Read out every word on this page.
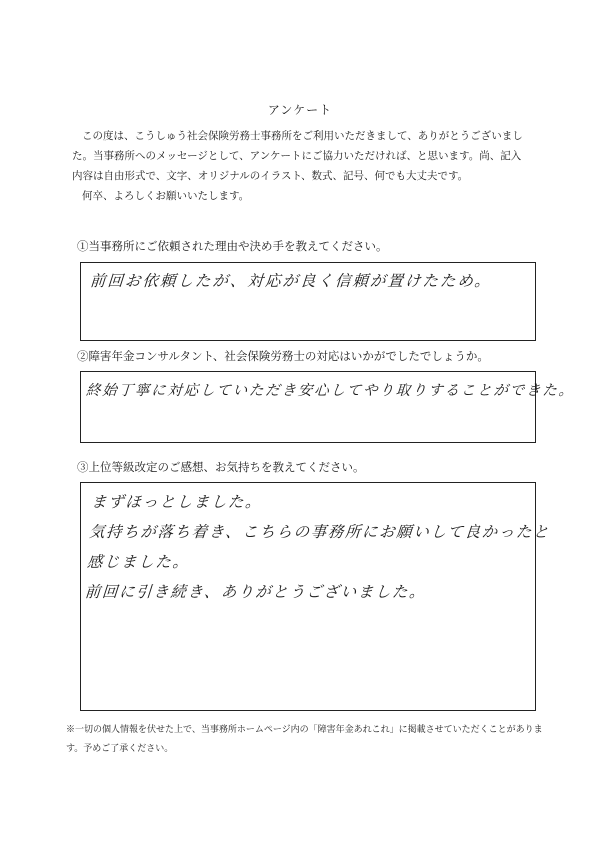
アンケート

この度は、こうしゅう社会保険労務士事務所をご利用いただきまして、ありがとうございまし

た。当事務所へのメッセージとして、アンケートにご協力いただければ、と思います。尚、記入

内容は自由形式で、文字、オリジナルのイラスト、数式、記号、何でも大丈夫です。

何卒、よろしくお願いいたします。

①当事務所にご依頼された理由や決め手を教えてください。
前回お依頼したが、対応が良く信頼が置けたため。
②障害年金コンサルタント、社会保険労務士の対応はいかがでしたでしょうか。
終始丁寧に対応していただき安心してやり取りすることができた。
③上位等級改定のご感想、お気持ちを教えてください。
まずほっとしました。
気持ちが落ち着き、こちらの事務所にお願いして良かったと
感じました。
前回に引き続き、ありがとうございました。

※一切の個人情報を伏せた上で、当事務所ホームページ内の「障害年金あれこれ」に掲載させていただくことがありま

す。予めご了承ください。
